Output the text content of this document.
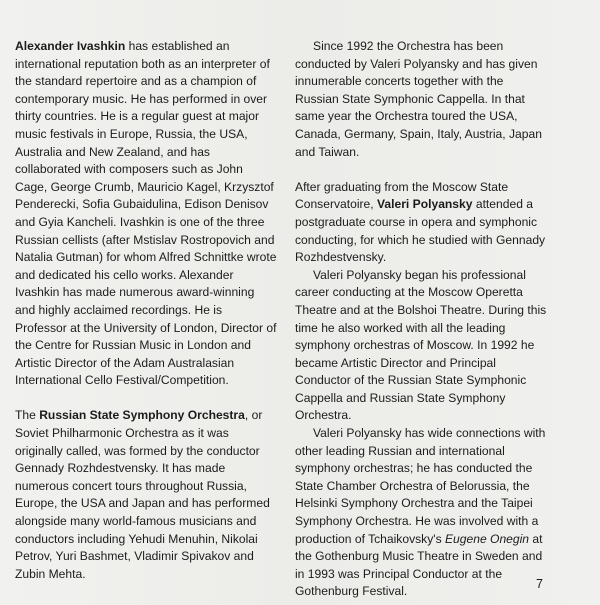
Alexander Ivashkin has established an international reputation both as an interpreter of the standard repertoire and as a champion of contemporary music. He has performed in over thirty countries. He is a regular guest at major music festivals in Europe, Russia, the USA, Australia and New Zealand, and has collaborated with composers such as John Cage, George Crumb, Mauricio Kagel, Krzysztof Penderecki, Sofia Gubaidulina, Edison Denisov and Gyia Kancheli. Ivashkin is one of the three Russian cellists (after Mstislav Rostropovich and Natalia Gutman) for whom Alfred Schnittke wrote and dedicated his cello works. Alexander Ivashkin has made numerous award-winning and highly acclaimed recordings. He is Professor at the University of London, Director of the Centre for Russian Music in London and Artistic Director of the Adam Australasian International Cello Festival/Competition.

The Russian State Symphony Orchestra, or Soviet Philharmonic Orchestra as it was originally called, was formed by the conductor Gennady Rozhdestvensky. It has made numerous concert tours throughout Russia, Europe, the USA and Japan and has performed alongside many world-famous musicians and conductors including Yehudi Menuhin, Nikolai Petrov, Yuri Bashmet, Vladimir Spivakov and Zubin Mehta.

Since 1992 the Orchestra has been conducted by Valeri Polyansky and has given innumerable concerts together with the Russian State Symphonic Cappella. In that same year the Orchestra toured the USA, Canada, Germany, Spain, Italy, Austria, Japan and Taiwan.

After graduating from the Moscow State Conservatoire, Valeri Polyansky attended a postgraduate course in opera and symphonic conducting, for which he studied with Gennady Rozhdestvensky.

Valeri Polyansky began his professional career conducting at the Moscow Operetta Theatre and at the Bolshoi Theatre. During this time he also worked with all the leading symphony orchestras of Moscow. In 1992 he became Artistic Director and Principal Conductor of the Russian State Symphonic Cappella and Russian State Symphony Orchestra.

Valeri Polyansky has wide connections with other leading Russian and international symphony orchestras; he has conducted the State Chamber Orchestra of Belorussia, the Helsinki Symphony Orchestra and the Taipei Symphony Orchestra. He was involved with a production of Tchaikovsky's Eugene Onegin at the Gothenburg Music Theatre in Sweden and in 1993 was Principal Conductor at the Gothenburg Festival.

7
